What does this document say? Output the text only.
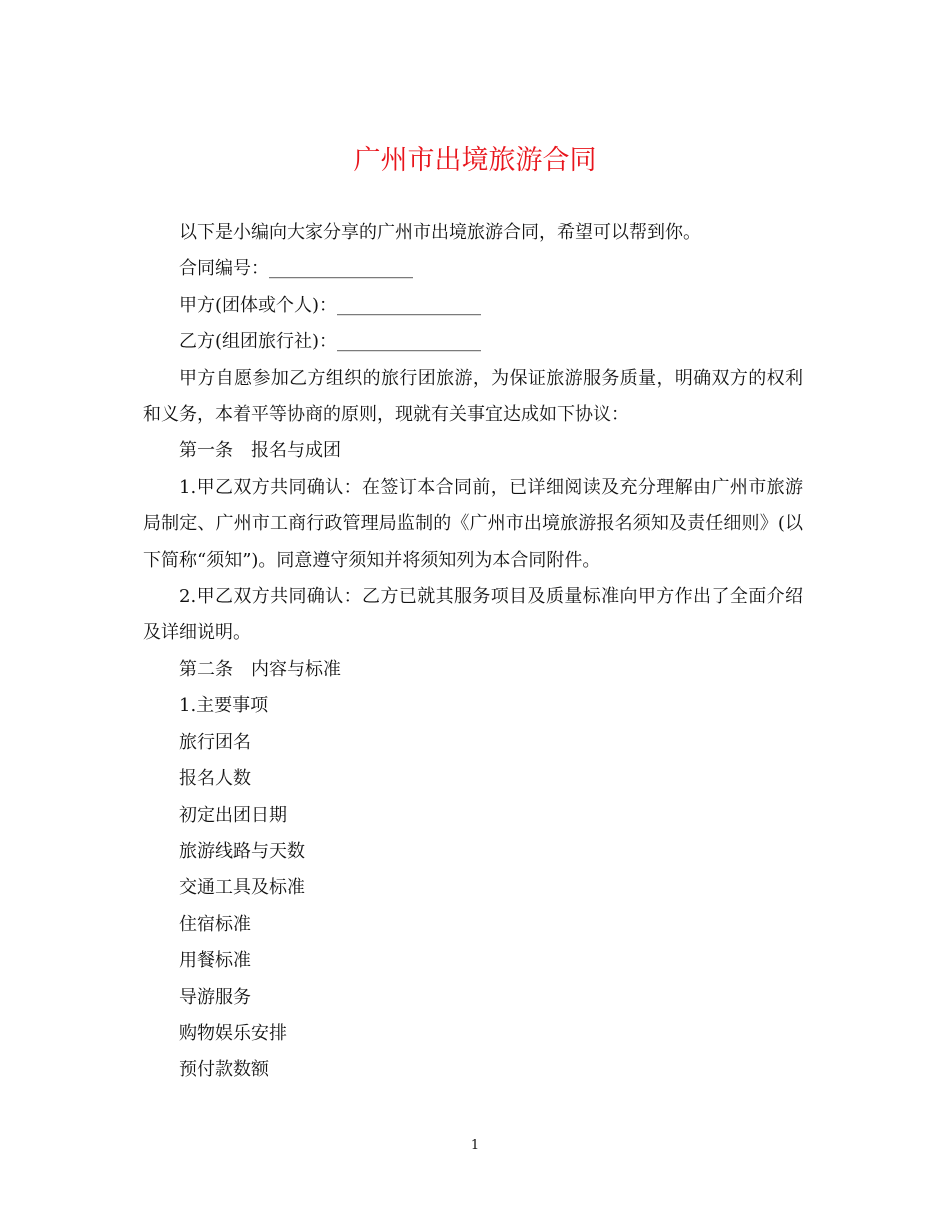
广州市出境旅游合同

以下是小编向大家分享的广州市出境旅游合同，希望可以帮到你。

合同编号：________________

甲方(团体或个人)：________________

乙方(组团旅行社)：________________

甲方自愿参加乙方组织的旅行团旅游，为保证旅游服务质量，明确双方的权利和义务，本着平等协商的原则，现就有关事宜达成如下协议：

第一条 报名与成团

1.甲乙双方共同确认：在签订本合同前，已详细阅读及充分理解由广州市旅游局制定、广州市工商行政管理局监制的《广州市出境旅游报名须知及责任细则》(以下简称“须知”)。同意遵守须知并将须知列为本合同附件。

2.甲乙双方共同确认：乙方已就其服务项目及质量标准向甲方作出了全面介绍及详细说明。

第二条 内容与标准

1.主要事项

旅行团名

报名人数

初定出团日期

旅游线路与天数

交通工具及标准

住宿标准

用餐标准

导游服务

购物娱乐安排

预付款数额

1
